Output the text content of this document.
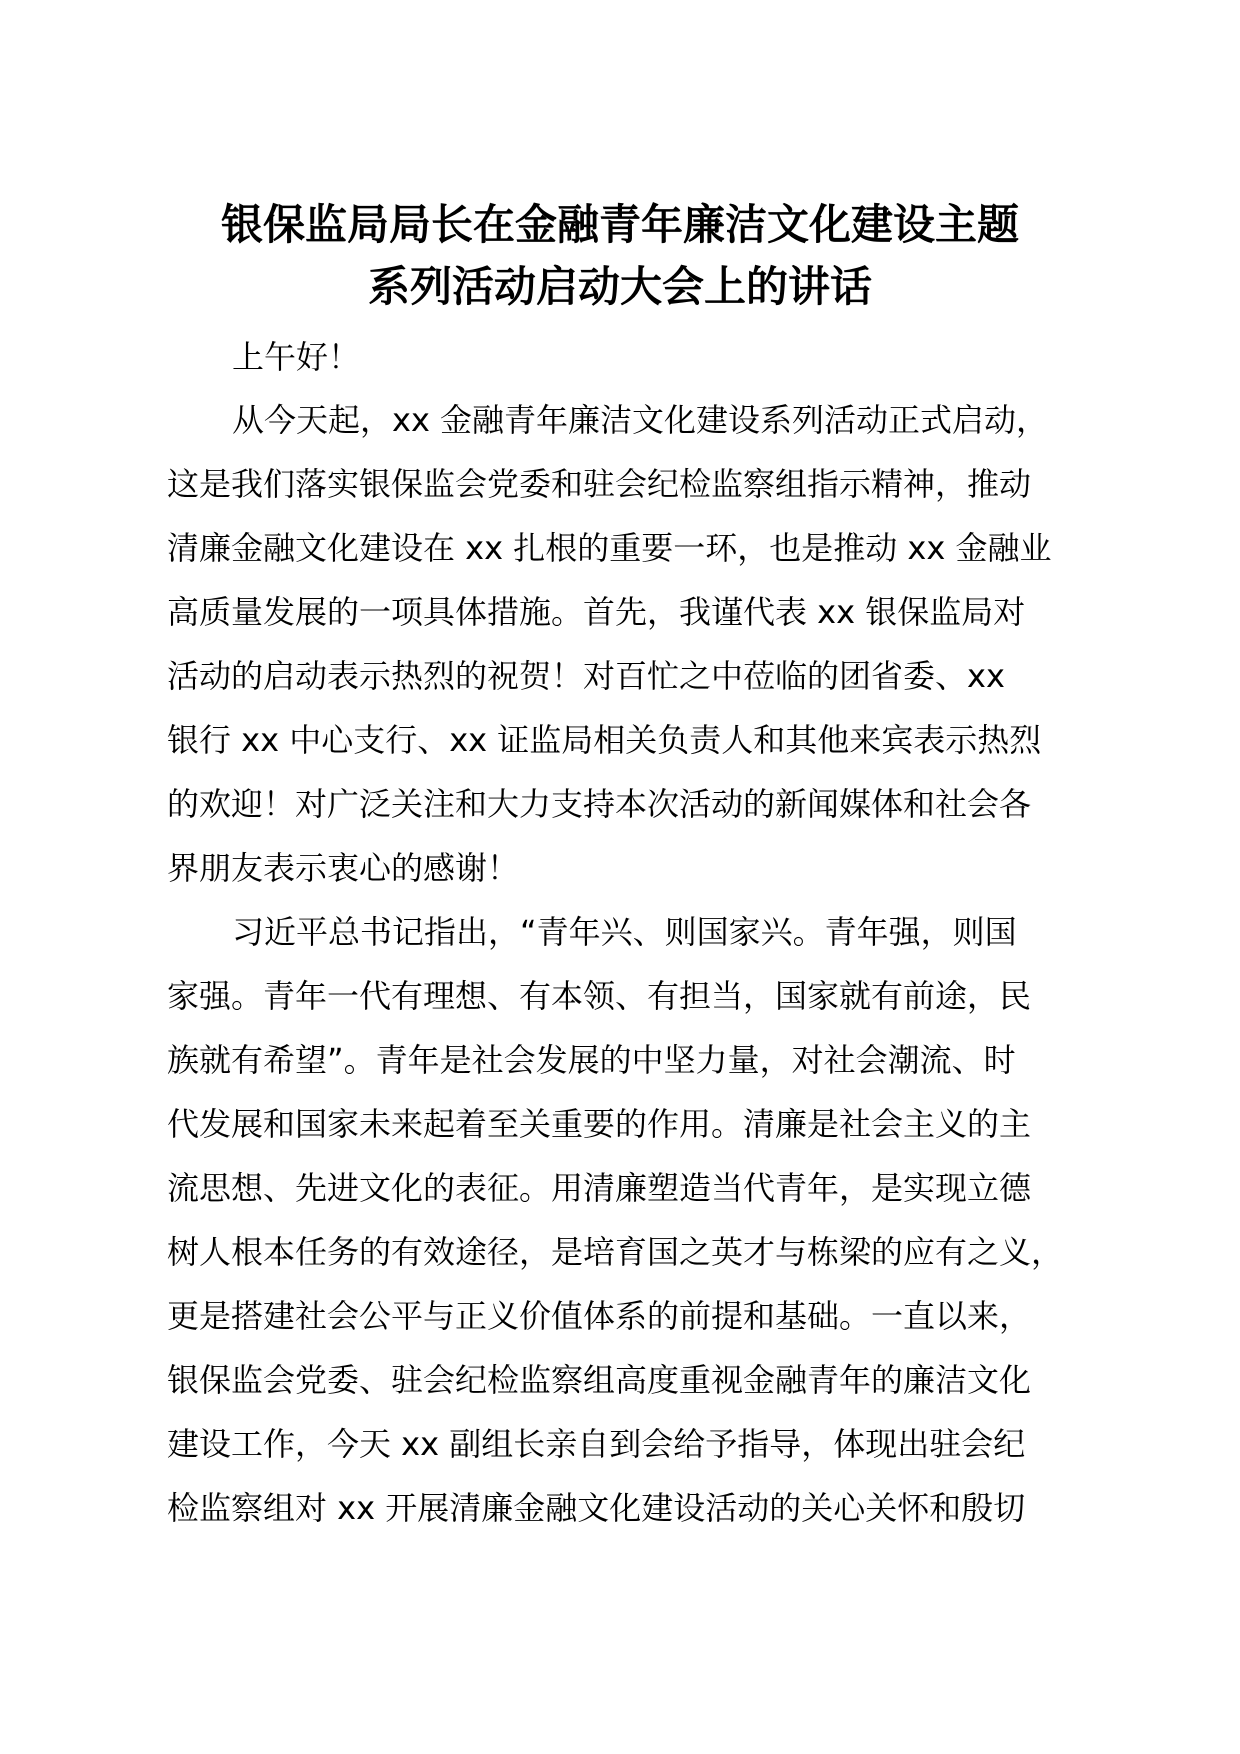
银保监局局长在金融青年廉洁文化建设主题
系列活动启动大会上的讲话
上午好！
从今天起，xx 金融青年廉洁文化建设系列活动正式启动，
这是我们落实银保监会党委和驻会纪检监察组指示精神，推动
清廉金融文化建设在 xx 扎根的重要一环，也是推动 xx 金融业
高质量发展的一项具体措施。首先，我谨代表 xx 银保监局对
活动的启动表示热烈的祝贺！对百忙之中莅临的团省委、xx
银行 xx 中心支行、xx 证监局相关负责人和其他来宾表示热烈
的欢迎！对广泛关注和大力支持本次活动的新闻媒体和社会各
界朋友表示衷心的感谢！
习近平总书记指出，“青年兴、则国家兴。青年强，则国
家强。青年一代有理想、有本领、有担当，国家就有前途，民
族就有希望”。青年是社会发展的中坚力量，对社会潮流、时
代发展和国家未来起着至关重要的作用。清廉是社会主义的主
流思想、先进文化的表征。用清廉塑造当代青年，是实现立德
树人根本任务的有效途径，是培育国之英才与栋梁的应有之义，
更是搭建社会公平与正义价值体系的前提和基础。一直以来，
银保监会党委、驻会纪检监察组高度重视金融青年的廉洁文化
建设工作，今天 xx 副组长亲自到会给予指导，体现出驻会纪
检监察组对 xx 开展清廉金融文化建设活动的关心关怀和殷切
